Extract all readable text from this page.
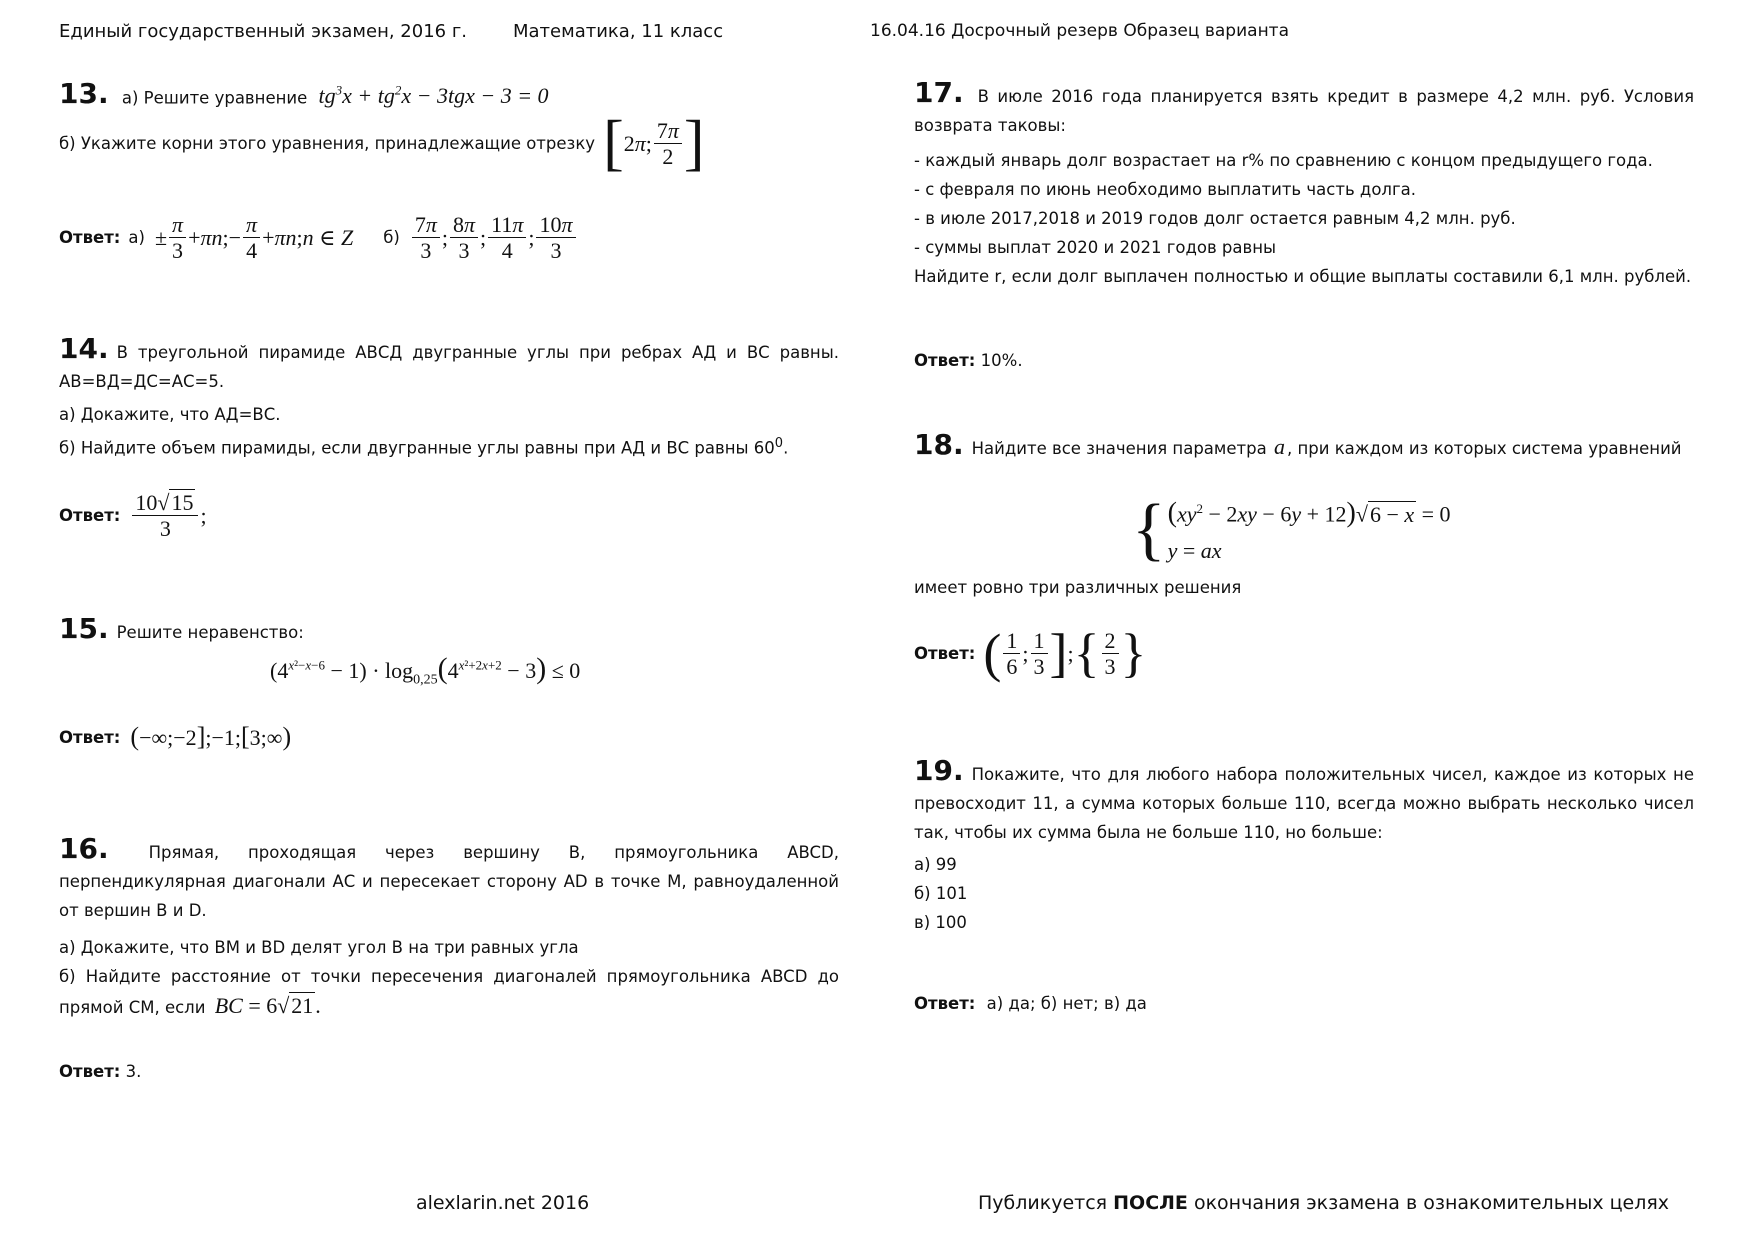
Единый государственный экзамен, 2016 г.	Математика, 11 класс	16.04.16 Досрочный резерв Образец варианта
13. а) Решите уравнение $tg^3x + tg^2x - 3tgx - 3 = 0$
б) Укажите корни этого уравнения, принадлежащие отрезку [ 2π; $\frac{7\pi}{2}$ ]
Ответ: $а) \pm \frac{\pi}{3} + \pi n$ ;− $\frac{\pi}{4} + \pi n$ ; n ∈ Z $б) \frac{7\pi}{3}$ ; $\frac{8\pi}{3}$ ; $\frac{11\pi}{4}$ ; $\frac{10\pi}{3}$
14. В треугольной пирамиде АВСД двугранные углы при ребрах АД и ВС равны. АВ=ВД=ДС=АС=5.
а) Докажите, что АД=ВС.
б) Найдите объем пирамиды, если двугранные углы равны при АД и ВС равны $60^0$.
Ответ: $\frac{10√15}{3}$ ;
15. Решите неравенство:
$(4^{x^2-x-6} - 1) \cdot \log_{0,25}(4^{x^2+2x+2} - 3) \le 0$
Ответ: (−∞;−2];−1;[3;∞)
16. Прямая, проходящая через вершину В, прямоугольника ABCD, перпендикулярная диагонали АС и пересекает сторону AD в точке М, равноудаленной от вершин В и D.
а) Докажите, что ВМ и BD делят угол В на три равных угла
б) Найдите расстояние от точки пересечения диагоналей прямоугольника ABCD до прямой СМ, если BC = 6√21.
Ответ: 3.
17. В июле 2016 года планируется взять кредит в размере 4,2 млн. руб. Условия возврата таковы:
- каждый январь долг возрастает на r% по сравнению с концом предыдущего года.
- с февраля по июнь необходимо выплатить часть долга.
- в июле 2017,2018 и 2019 годов долг остается равным 4,2 млн. руб.
- суммы выплат 2020 и 2021 годов равны
Найдите r, если долг выплачен полностью и общие выплаты составили 6,1 млн. рублей.
Ответ: 10%.
18. Найдите все значения параметра a , при каждом из которых система уравнений
{ $(xy^2 - 2xy - 6y + 12)√6 - x = 0$
y = ax
имеет ровно три различных решения
Ответ: ( $\frac{1}{6}$ ; $\frac{1}{3}$ ] ; { $\frac{2}{3}$ }
19. Покажите, что для любого набора положительных чисел, каждое из которых не превосходит 11, а сумма которых больше 110, всегда можно выбрать несколько чисел так, чтобы их сумма была не больше 110, но больше:
а) 99
б) 101
в) 100
Ответ: а) да; б) нет; в) да
alexlarin.net 2016	Публикуется ПОСЛЕ окончания экзамена в ознакомительных целях
